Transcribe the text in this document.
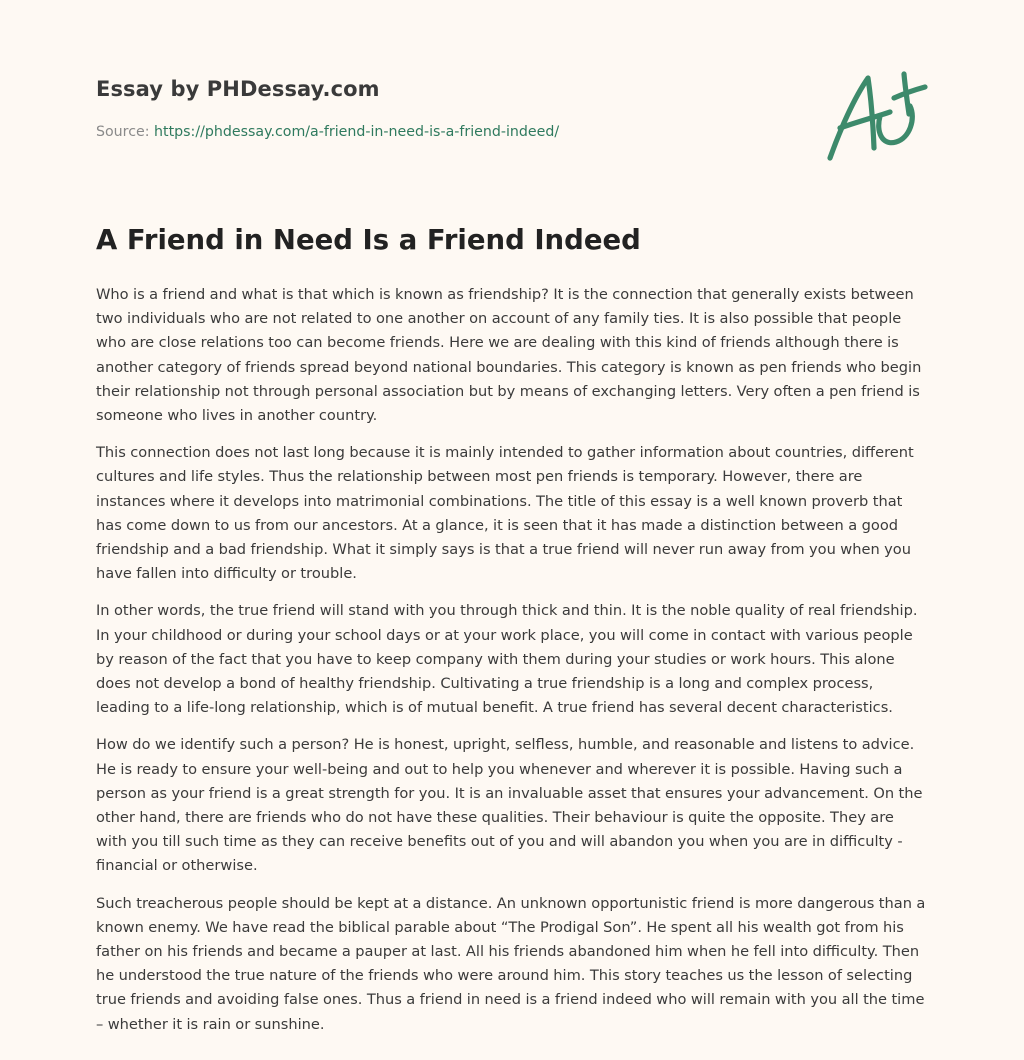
Essay by PHDessay.com
Source: https://phdessay.com/a-friend-in-need-is-a-friend-indeed/
A Friend in Need Is a Friend Indeed

Who is a friend and what is that which is known as friendship? It is the connection that generally exists between two individuals who are not related to one another on account of any family ties. It is also possible that people who are close relations too can become friends. Here we are dealing with this kind of friends although there is another category of friends spread beyond national boundaries. This category is known as pen friends who begin their relationship not through personal association but by means of exchanging letters. Very often a pen friend is someone who lives in another country.

This connection does not last long because it is mainly intended to gather information about countries, different cultures and life styles. Thus the relationship between most pen friends is temporary. However, there are instances where it develops into matrimonial combinations. The title of this essay is a well known proverb that has come down to us from our ancestors. At a glance, it is seen that it has made a distinction between a good friendship and a bad friendship. What it simply says is that a true friend will never run away from you when you have fallen into difficulty or trouble.

In other words, the true friend will stand with you through thick and thin. It is the noble quality of real friendship. In your childhood or during your school days or at your work place, you will come in contact with various people by reason of the fact that you have to keep company with them during your studies or work hours. This alone does not develop a bond of healthy friendship. Cultivating a true friendship is a long and complex process, leading to a life-long relationship, which is of mutual benefit. A true friend has several decent characteristics.

How do we identify such a person? He is honest, upright, selfless, humble, and reasonable and listens to advice. He is ready to ensure your well-being and out to help you whenever and wherever it is possible. Having such a person as your friend is a great strength for you. It is an invaluable asset that ensures your advancement. On the other hand, there are friends who do not have these qualities. Their behaviour is quite the opposite. They are with you till such time as they can receive benefits out of you and will abandon you when you are in difficulty - financial or otherwise.

Such treacherous people should be kept at a distance. An unknown opportunistic friend is more dangerous than a known enemy. We have read the biblical parable about “The Prodigal Son”. He spent all his wealth got from his father on his friends and became a pauper at last. All his friends abandoned him when he fell into difficulty. Then he understood the true nature of the friends who were around him. This story teaches us the lesson of selecting true friends and avoiding false ones. Thus a friend in need is a friend indeed who will remain with you all the time – whether it is rain or sunshine.
